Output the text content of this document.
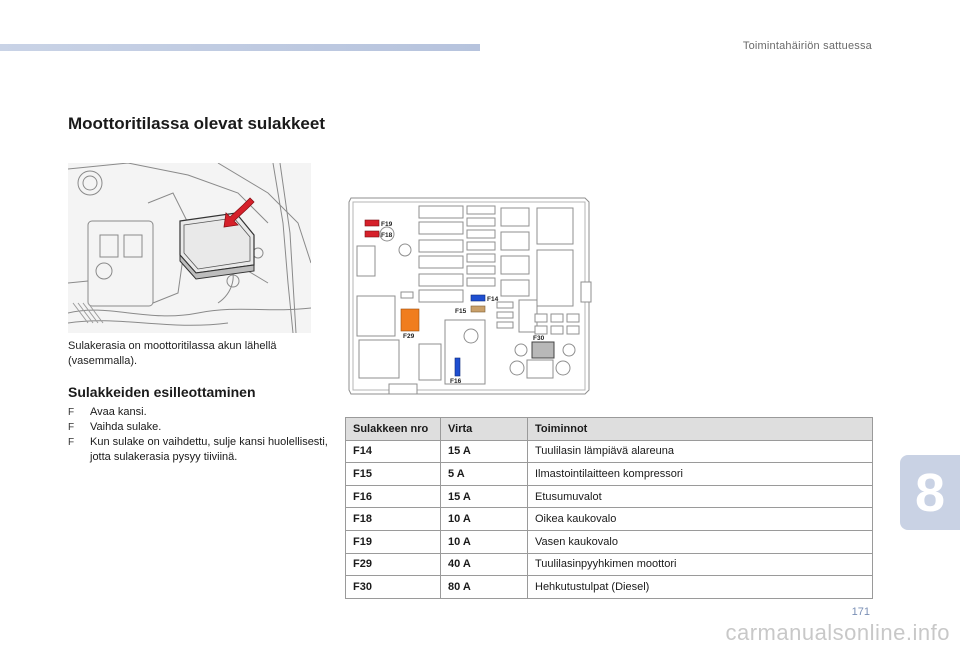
Toimintahäiriön sattuessa
Moottoritilassa olevat sulakkeet
Sulakerasia on moottoritilassa akun lähellä (vasemmalla).
Sulakkeiden esilleottaminen
F Avaa kansi.
F Vaihda sulake.
F Kun sulake on vaihdettu, sulje kansi huolellisesti, jotta sulakerasia pysyy tiiviinä.
F19
F18
F14
F15
F29	F30
F16
Sulakkeen nro	Virta	Toiminnot
F14	15 A	Tuulilasin lämpiävä alareuna
F15	5 A	Ilmastointilaitteen kompressori
F16	15 A	Etusumuvalot
F18	10 A	Oikea kaukovalo
F19	10 A	Vasen kaukovalo
F29	40 A	Tuulilasinpyyhkimen moottori
F30	80 A	Hehkutustulpat (Diesel)
8
171
carmanualsonline.info
